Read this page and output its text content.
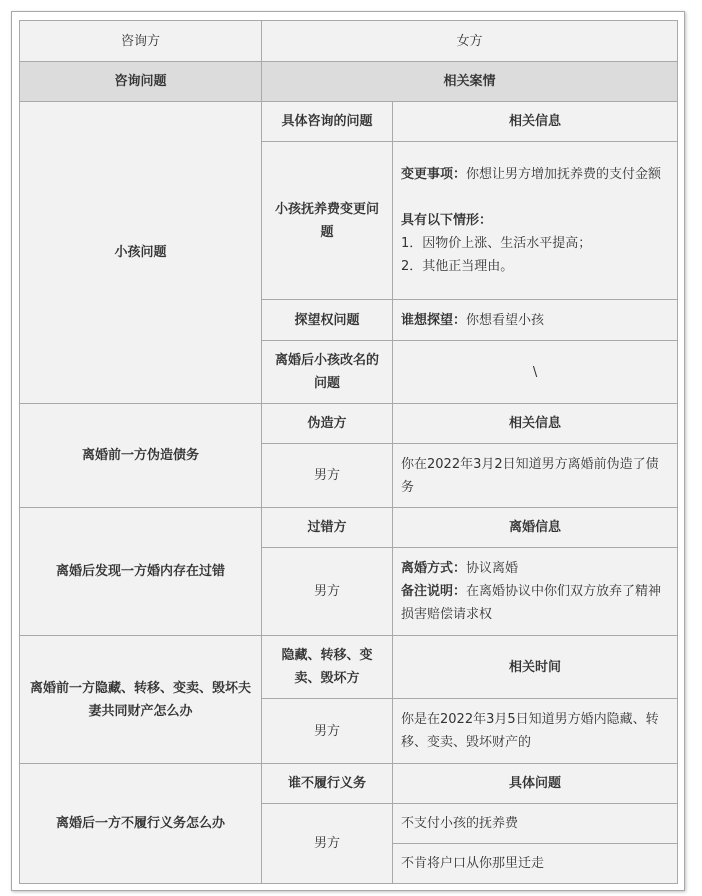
咨询方	女方	
咨询问题	相关案情	
小孩问题	具体咨询的问题	相关信息
	小孩抚养费变更问题	变更事项：你想让男方增加抚养费的支付金额
具有以下情形：
1．因物价上涨、生活水平提高；
2．其他正当理由。

	探望权问题	谁想探望：你想看望小孩
	离婚后小孩改名的问题	\
离婚前一方伪造债务	伪造方	相关信息
	男方	你在2022年3月2日知道男方离婚前伪造了债务
离婚后发现一方婚内存在过错	过错方	离婚信息
	男方	离婚方式：协议离婚
备注说明：在离婚协议中你们双方放弃了精神损害赔偿请求权

离婚前一方隐藏、转移、变卖、毁坏夫妻共同财产怎么办	隐藏、转移、变卖、毁坏方	相关时间
	男方	你是在2022年3月5日知道男方婚内隐藏、转移、变卖、毁坏财产的
离婚后一方不履行义务怎么办	谁不履行义务	具体问题
	男方	不支付小孩的抚养费
		不肯将户口从你那里迁走
